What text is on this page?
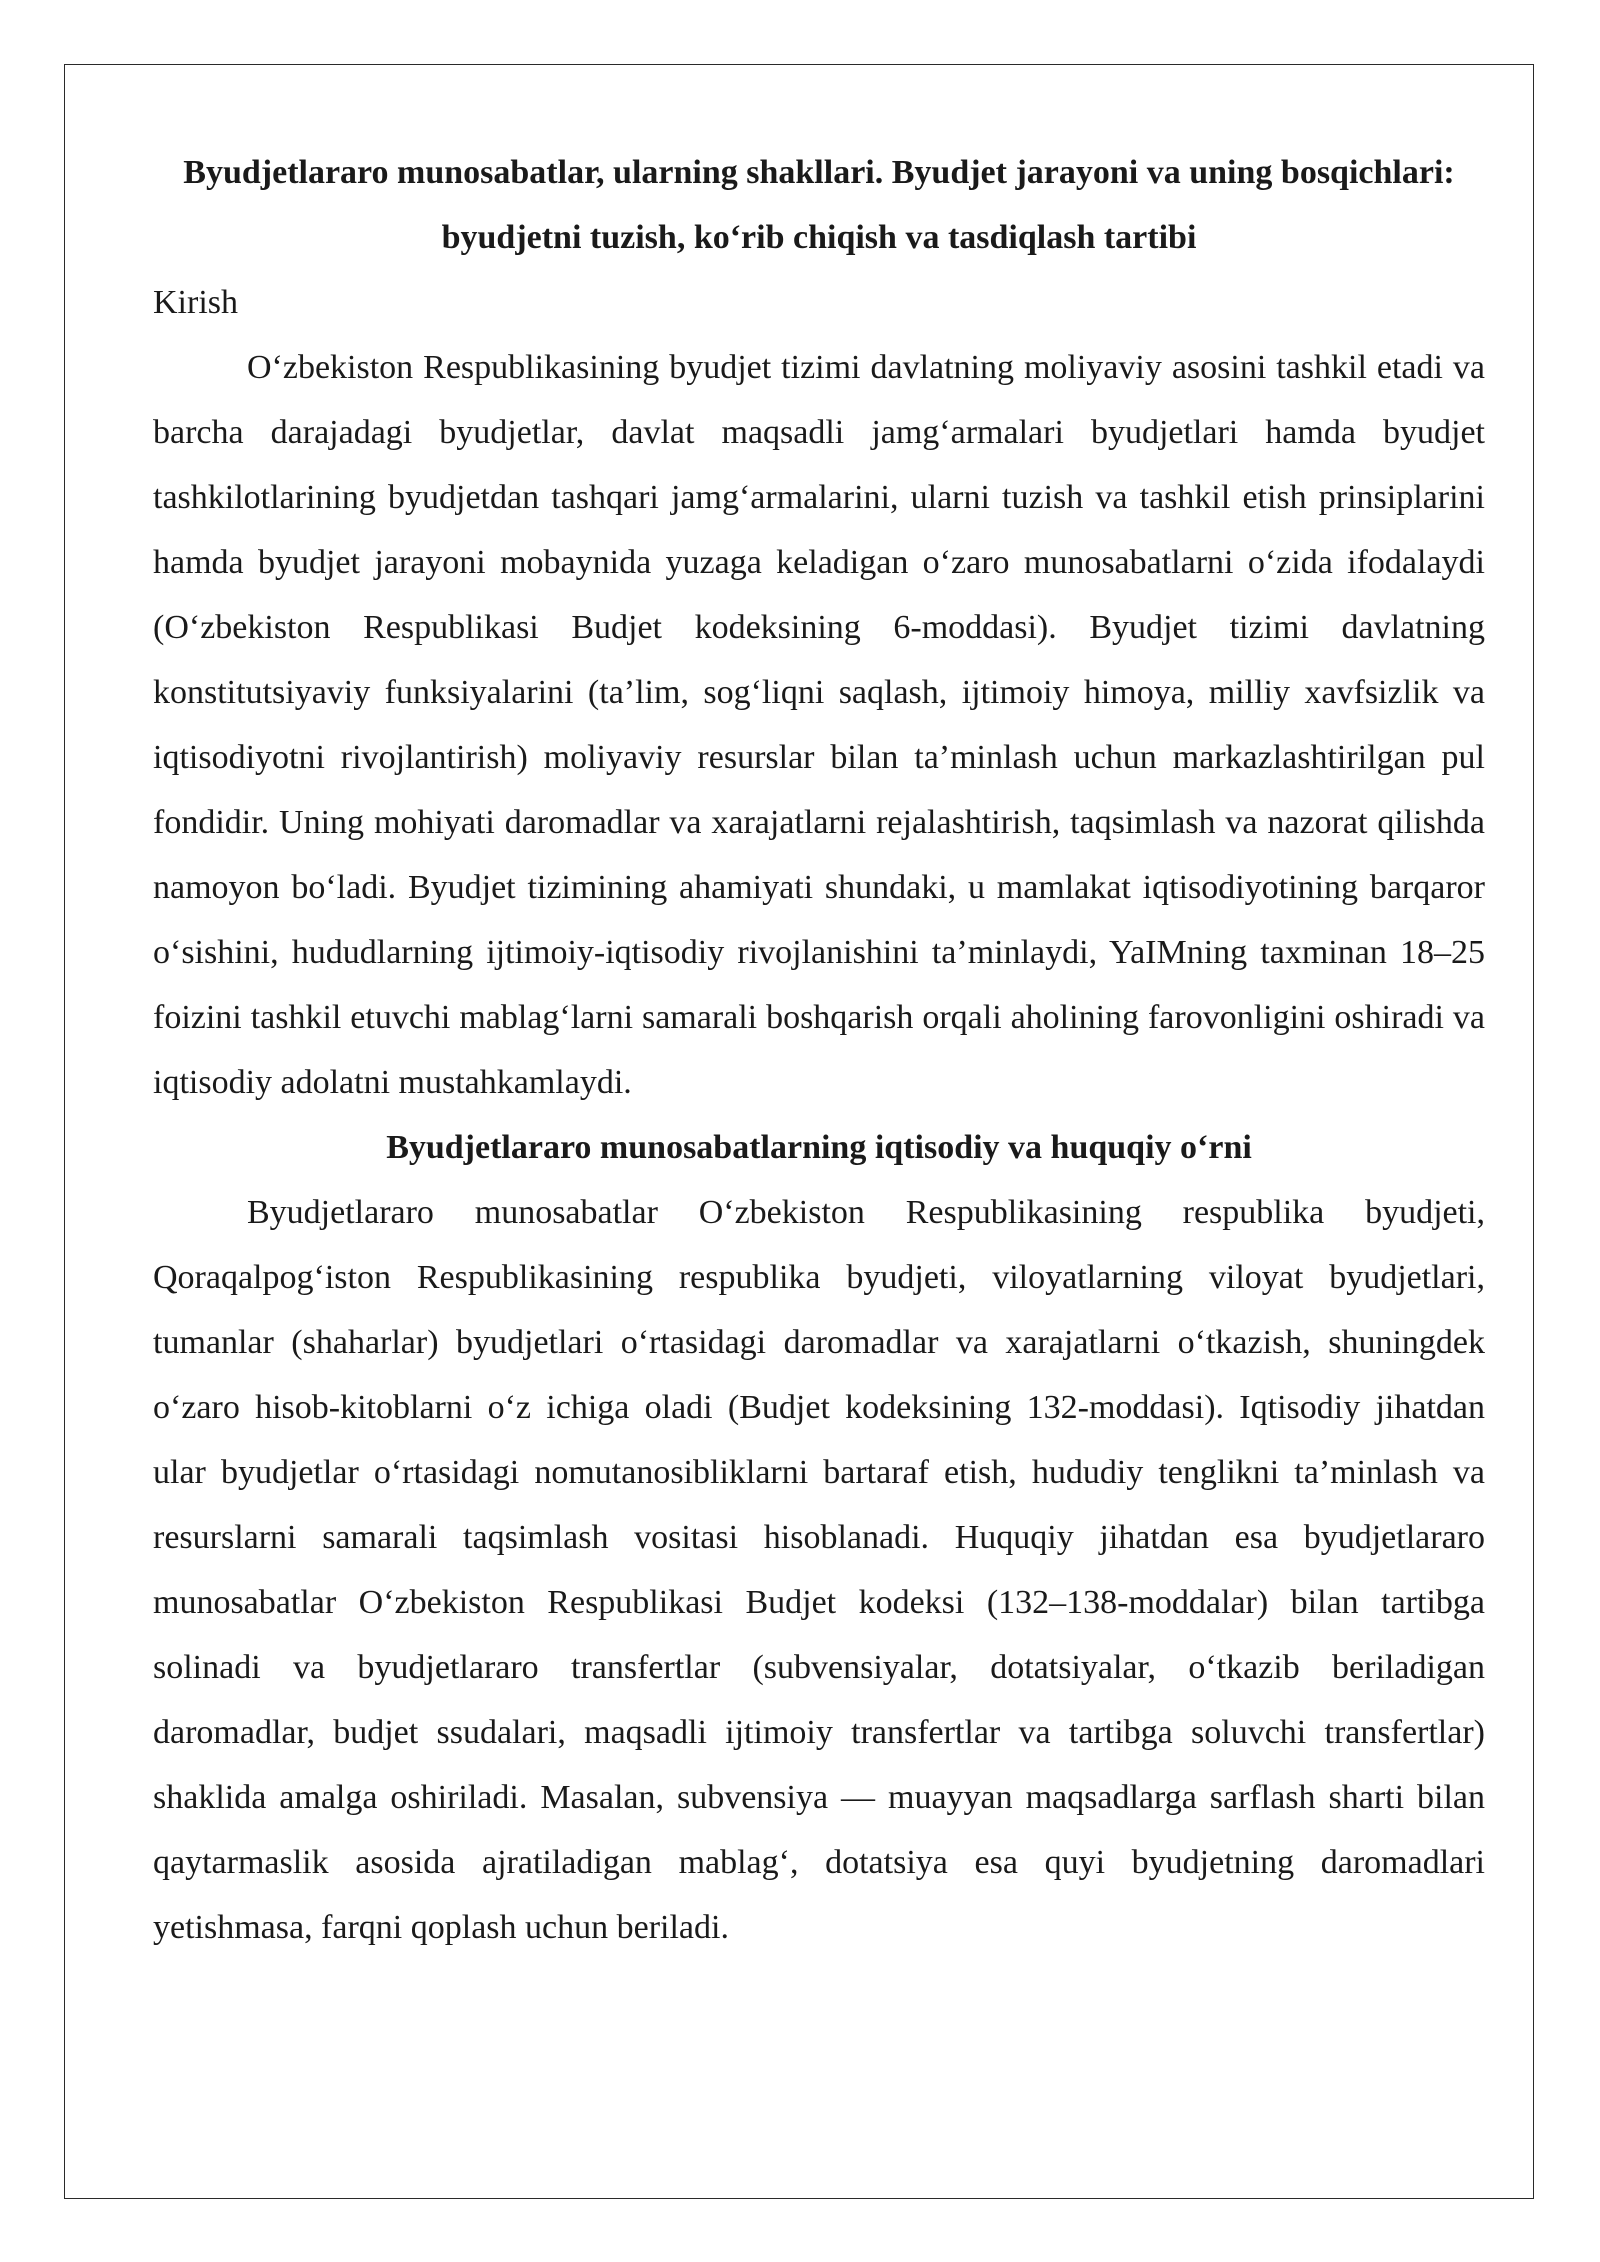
Byudjetlararo munosabatlar, ularning shakllari. Byudjet jarayoni va uning bosqichlari: byudjetni tuzish, ko‘rib chiqish va tasdiqlash tartibi

Kirish

O‘zbekiston Respublikasining byudjet tizimi davlatning moliyaviy asosini tashkil etadi va barcha darajadagi byudjetlar, davlat maqsadli jamg‘armalari byudjetlari hamda byudjet tashkilotlarining byudjetdan tashqari jamg‘armalarini, ularni tuzish va tashkil etish prinsiplarini hamda byudjet jarayoni mobaynida yuzaga keladigan o‘zaro munosabatlarni o‘zida ifodalaydi (O‘zbekiston Respublikasi Budjet kodeksining 6-moddasi). Byudjet tizimi davlatning konstitutsiyaviy funksiyalarini (ta’lim, sog‘liqni saqlash, ijtimoiy himoya, milliy xavfsizlik va iqtisodiyotni rivojlantirish) moliyaviy resurslar bilan ta’minlash uchun markazlashtirilgan pul fondidir. Uning mohiyati daromadlar va xarajatlarni rejalashtirish, taqsimlash va nazorat qilishda namoyon bo‘ladi. Byudjet tizimining ahamiyati shundaki, u mamlakat iqtisodiyotining barqaror o‘sishini, hududlarning ijtimoiy-iqtisodiy rivojlanishini ta’minlaydi, YaIMning taxminan 18–25 foizini tashkil etuvchi mablag‘larni samarali boshqarish orqali aholining farovonligini oshiradi va iqtisodiy adolatni mustahkamlaydi.

Byudjetlararo munosabatlarning iqtisodiy va huquqiy o‘rni

Byudjetlararo munosabatlar O‘zbekiston Respublikasining respublika byudjeti, Qoraqalpog‘iston Respublikasining respublika byudjeti, viloyatlarning viloyat byudjetlari, tumanlar (shaharlar) byudjetlari o‘rtasidagi daromadlar va xarajatlarni o‘tkazish, shuningdek o‘zaro hisob-kitoblarni o‘z ichiga oladi (Budjet kodeksining 132-moddasi). Iqtisodiy jihatdan ular byudjetlar o‘rtasidagi nomutanosibliklarni bartaraf etish, hududiy tenglikni ta’minlash va resurslarni samarali taqsimlash vositasi hisoblanadi. Huquqiy jihatdan esa byudjetlararo munosabatlar O‘zbekiston Respublikasi Budjet kodeksi (132–138-moddalar) bilan tartibga solinadi va byudjetlararo transfertlar (subvensiyalar, dotatsiyalar, o‘tkazib beriladigan daromadlar, budjet ssudalari, maqsadli ijtimoiy transfertlar va tartibga soluvchi transfertlar) shaklida amalga oshiriladi. Masalan, subvensiya — muayyan maqsadlarga sarflash sharti bilan qaytarmaslik asosida ajratiladigan mablag‘, dotatsiya esa quyi byudjetning daromadlari yetishmasa, farqni qoplash uchun beriladi.
